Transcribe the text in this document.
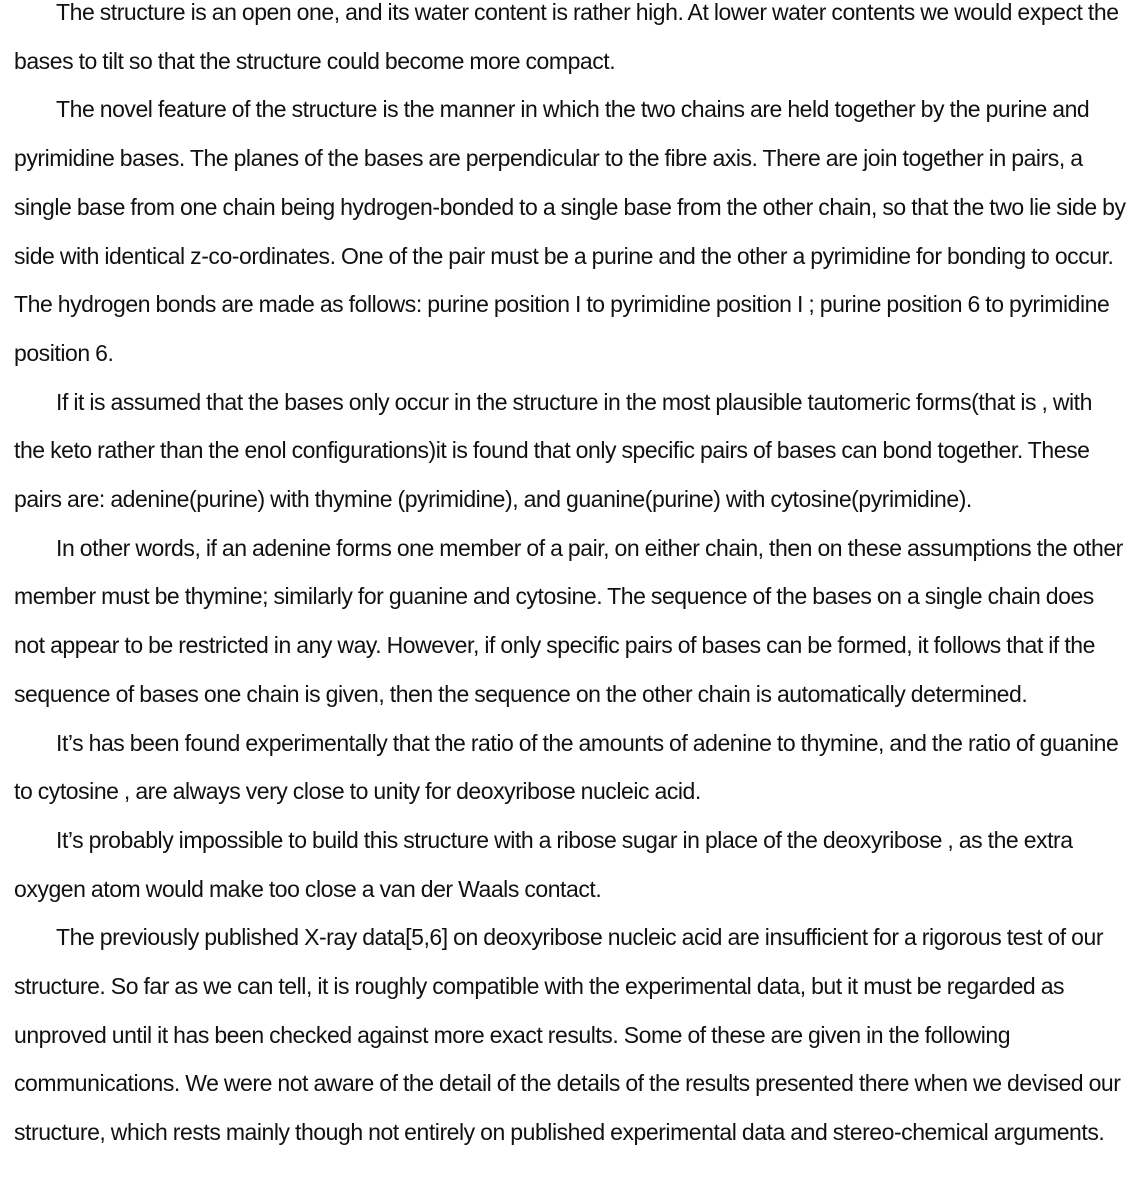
The structure is an open one, and its water content is rather high. At lower water contents we would expect the bases to tilt so that the structure could become more compact.

The novel feature of the structure is the manner in which the two chains are held together by the purine and pyrimidine bases. The planes of the bases are perpendicular to the fibre axis. There are join together in pairs, a single base from one chain being hydrogen-bonded to a single base from the other chain, so that the two lie side by side with identical z-co-ordinates. One of the pair must be a purine and the other a pyrimidine for bonding to occur. The hydrogen bonds are made as follows: purine position I to pyrimidine position I ; purine position 6 to pyrimidine position 6.

If it is assumed that the bases only occur in the structure in the most plausible tautomeric forms(that is , with the keto rather than the enol configurations)it is found that only specific pairs of bases can bond together. These pairs are: adenine(purine) with thymine (pyrimidine), and guanine(purine) with cytosine(pyrimidine).

In other words, if an adenine forms one member of a pair, on either chain, then on these assumptions the other member must be thymine; similarly for guanine and cytosine. The sequence of the bases on a single chain does not appear to be restricted in any way. However, if only specific pairs of bases can be formed, it follows that if the sequence of bases one chain is given, then the sequence on the other chain is automatically determined.

It’s has been found experimentally that the ratio of the amounts of adenine to thymine, and the ratio of guanine to cytosine , are always very close to unity for deoxyribose nucleic acid.

It’s probably impossible to build this structure with a ribose sugar in place of the deoxyribose , as the extra oxygen atom would make too close a van der Waals contact.

The previously published X-ray data[5,6] on deoxyribose nucleic acid are insufficient for a rigorous test of our structure. So far as we can tell, it is roughly compatible with the experimental data, but it must be regarded as unproved until it has been checked against more exact results. Some of these are given in the following communications. We were not aware of the detail of the details of the results presented there when we devised our structure, which rests mainly though not entirely on published experimental data and stereo-chemical arguments.
